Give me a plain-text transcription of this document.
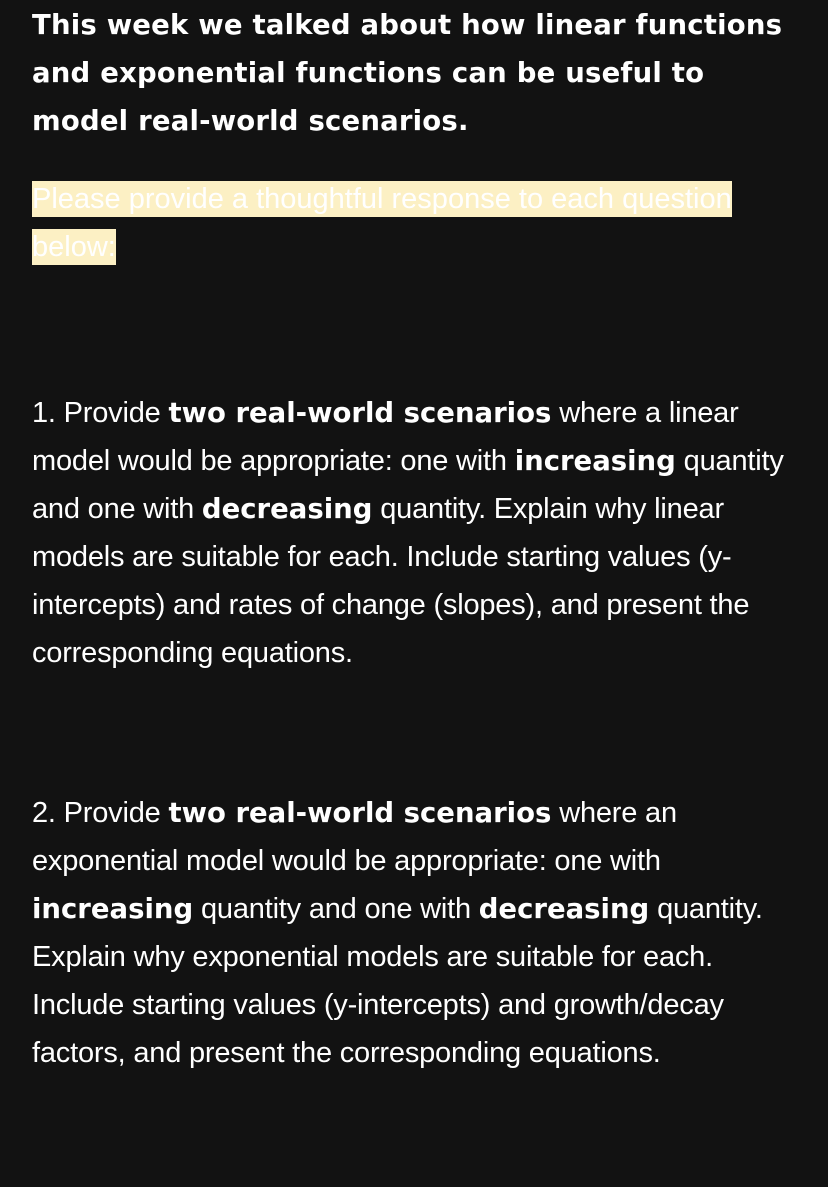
This week we talked about how linear functions and exponential functions can be useful to model real-world scenarios.

Please provide a thoughtful response to each question below:

1. Provide two real-world scenarios where a linear model would be appropriate: one with increasing quantity and one with decreasing quantity. Explain why linear models are suitable for each. Include starting values (y-intercepts) and rates of change (slopes), and present the corresponding equations.

2. Provide two real-world scenarios where an exponential model would be appropriate: one with increasing quantity and one with decreasing quantity. Explain why exponential models are suitable for each. Include starting values (y-intercepts) and growth/decay factors, and present the corresponding equations.
